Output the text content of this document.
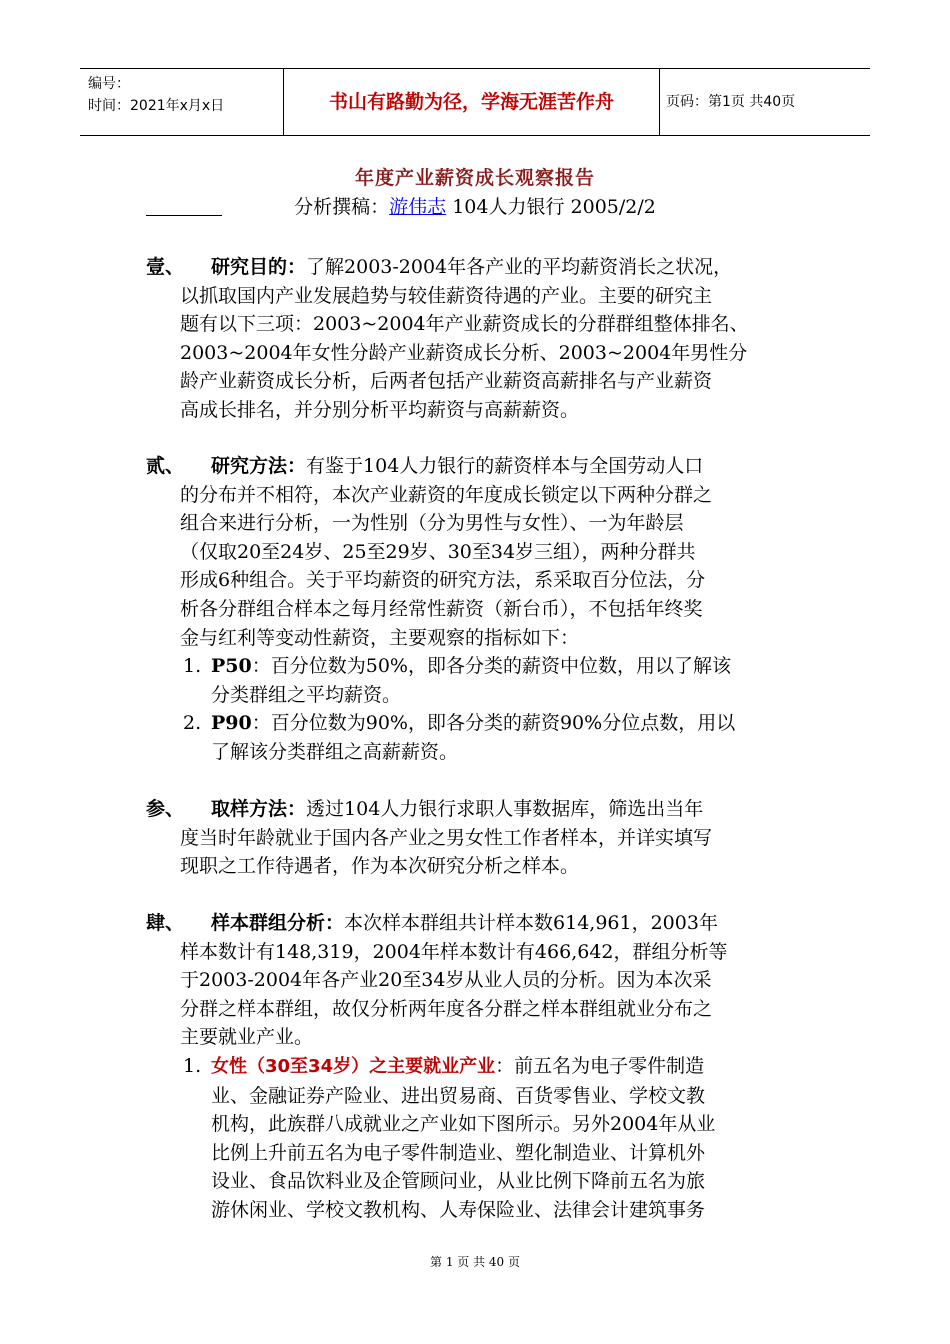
编号：
时间：2021年x月x日	书山有路勤为径，学海无涯苦作舟	页码：第1页 共40页
年度产业薪资成长观察报告
分析撰稿：游伟志 104人力银行 2005/2/2
壹、 研究目的：了解2003-2004年各产业的平均薪资消长之状况，
以抓取国内产业发展趋势与较佳薪资待遇的产业。主要的研究主
题有以下三项：2003~2004年产业薪资成长的分群群组整体排名、
2003~2004年女性分龄产业薪资成长分析、2003~2004年男性分
龄产业薪资成长分析，后两者包括产业薪资高薪排名与产业薪资
高成长排名，并分别分析平均薪资与高薪薪资。
贰、 研究方法：有鉴于104人力银行的薪资样本与全国劳动人口
的分布并不相符，本次产业薪资的年度成长锁定以下两种分群之
组合来进行分析，一为性别（分为男性与女性）、一为年龄层
（仅取20至24岁、25至29岁、30至34岁三组），两种分群共
形成6种组合。关于平均薪资的研究方法，系采取百分位法，分
析各分群组合样本之每月经常性薪资（新台币），不包括年终奖
金与红利等变动性薪资，主要观察的指标如下：
1. P50：百分位数为50%，即各分类的薪资中位数，用以了解该
分类群组之平均薪资。
2. P90：百分位数为90%，即各分类的薪资90%分位点数，用以
了解该分类群组之高薪薪资。
参、 取样方法：透过104人力银行求职人事数据库，筛选出当年
度当时年龄就业于国内各产业之男女性工作者样本，并详实填写
现职之工作待遇者，作为本次研究分析之样本。
肆、 样本群组分析：本次样本群组共计样本数614,961，2003年
样本数计有148,319，2004年样本数计有466,642，群组分析等
于2003-2004年各产业20至34岁从业人员的分析。因为本次采
分群之样本群组，故仅分析两年度各分群之样本群组就业分布之
主要就业产业。
1. 女性（30至34岁）之主要就业产业：前五名为电子零件制造
业、金融证券产险业、进出贸易商、百货零售业、学校文教
机构，此族群八成就业之产业如下图所示。另外2004年从业
比例上升前五名为电子零件制造业、塑化制造业、计算机外
设业、食品饮料业及企管顾问业，从业比例下降前五名为旅
游休闲业、学校文教机构、人寿保险业、法律会计建筑事务
第 1 页 共 40 页
